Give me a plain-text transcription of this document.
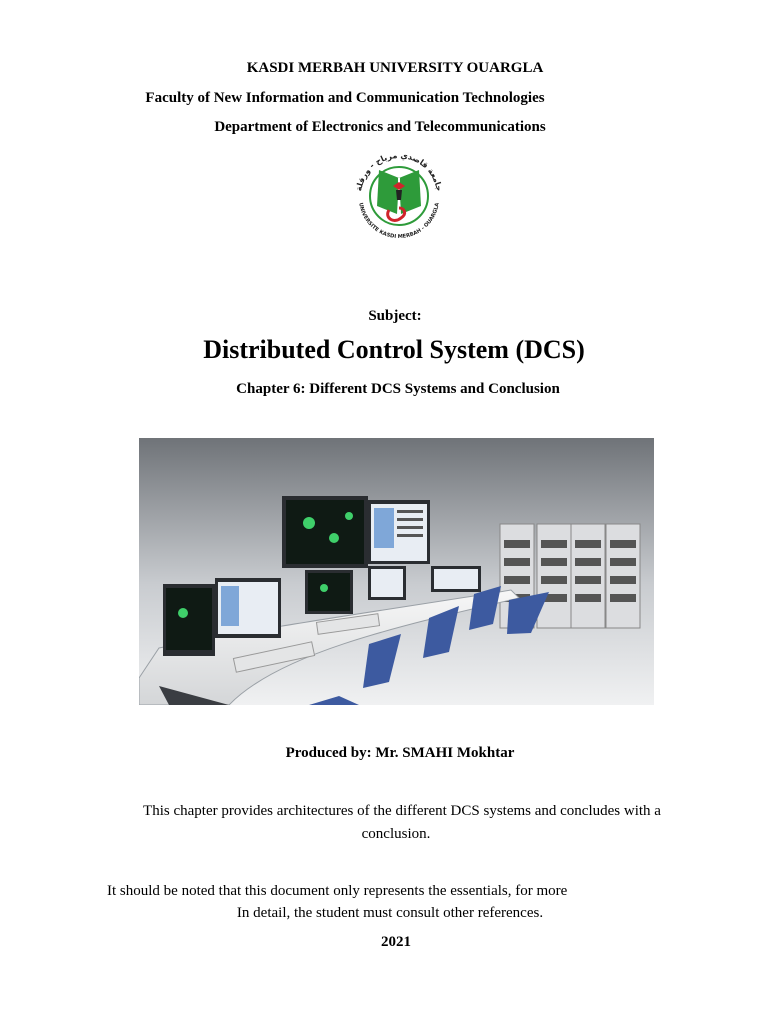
KASDI MERBAH UNIVERSITY OUARGLA
Faculty of New Information and Communication Technologies
Department of Electronics and Telecommunications
جامعة قاصدي مرباح - ورقلة
UNIVERSITE KASDI MERBAH - OUARGLA
Subject:
Distributed Control System (DCS)
Chapter 6: Different DCS Systems and Conclusion
Produced by: Mr. SMAHI Mokhtar
This chapter provides architectures of the different DCS systems and concludes with a
conclusion.
It should be noted that this document only represents the essentials, for more
In detail, the student must consult other references.
2021
